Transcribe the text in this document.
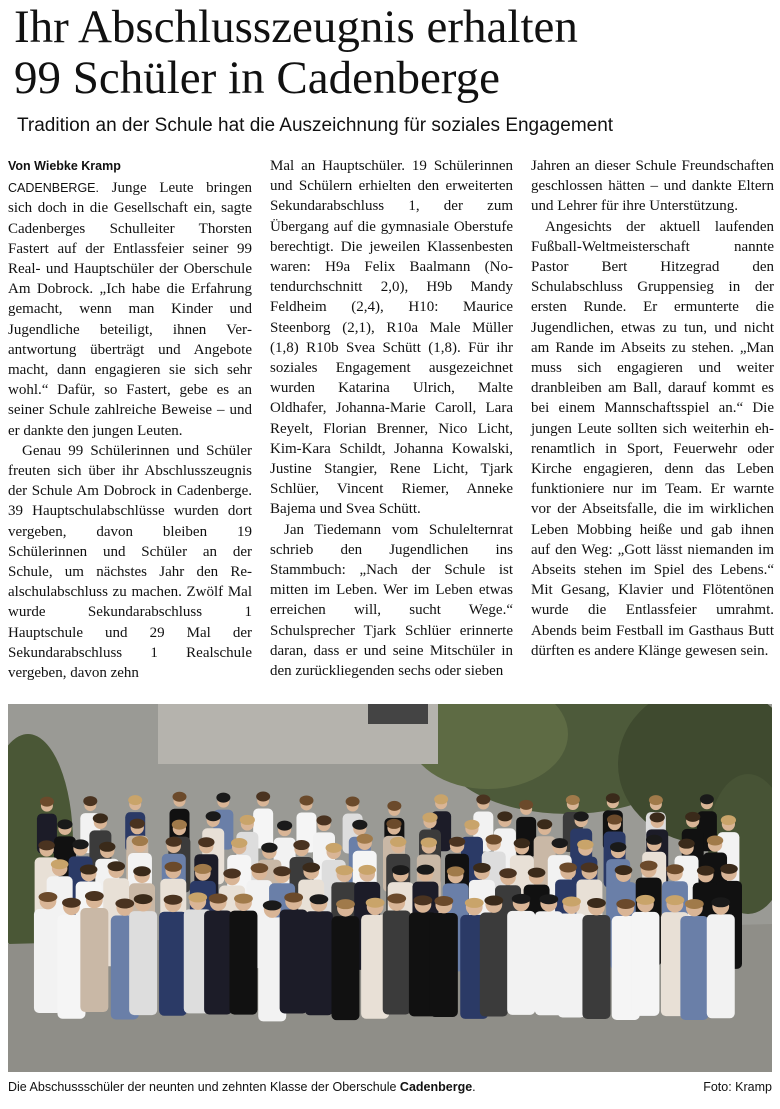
Ihr Abschlusszeugnis erhalten
99 Schüler in Cadenberge
Tradition an der Schule hat die Auszeichnung für soziales Engagement
Von Wiebke Kramp

CADENBERGE. Junge Leute bringen sich doch in die Gesellschaft ein, sagte Cadenberges Schulleiter Thorsten Fastert auf der Entlassfeier seiner 99 Real- und Hauptschüler der Oberschule Am Dobrock. „Ich habe die Erfahrung gemacht, wenn man Kinder und Jugendliche beteiligt, ihnen Verantwortung überträgt und Angebote macht, dann engagieren sie sich sehr wohl.“ Dafür, so Fastert, gebe es an seiner Schule zahlreiche Beweise – und er dankte den jungen Leuten.

Genau 99 Schülerinnen und Schüler freuten sich über ihr Abschlusszeugnis der Schule Am Dobrock in Cadenberge. 39 Hauptschulabschlüsse wurden dort vergeben, davon bleiben 19 Schülerinnen und Schüler an der Schule, um nächstes Jahr den Realschulabschluss zu machen. Zwölf Mal wurde Sekundarabschluss 1 Hauptschule und 29 Mal der Sekundarabschluss 1 Realschule vergeben, davon zehn

Mal an Hauptschüler. 19 Schülerinnen und Schülern erhielten den erweiterten Sekundarabschluss 1, der zum Übergang auf die gymnasiale Oberstufe berechtigt. Die jeweilen Klassenbesten waren: H9a Felix Baalmann (Notendurchschnitt 2,0), H9b Mandy Feldheim (2,4), H10: Maurice Steenborg (2,1), R10a Male Müller (1,8) R10b Svea Schütt (1,8). Für ihr soziales Engagement ausgezeichnet wurden Katarina Ulrich, Malte Oldhafer, Johanna-Marie Caroll, Lara Reyelt, Florian Brenner, Nico Licht, Kim-Kara Schildt, Johanna Kowalski, Justine Stangier, Rene Licht, Tjark Schlüer, Vincent Riemer, Anneke Bajema und Svea Schütt.

Jan Tiedemann vom Schulelternrat schrieb den Jugendlichen ins Stammbuch: „Nach der Schule ist mitten im Leben. Wer im Leben etwas erreichen will, sucht Wege.“ Schulsprecher Tjark Schlüer erinnerte daran, dass er und seine Mitschüler in den zurückliegenden sechs oder sieben

Jahren an dieser Schule Freundschaften geschlossen hätten – und dankte Eltern und Lehrer für ihre Unterstützung.

Angesichts der aktuell laufenden Fußball-Weltmeisterschaft nannte Pastor Bert Hitzegrad den Schulabschluss Gruppensieg in der ersten Runde. Er ermunterte die Jugendlichen, etwas zu tun, und nicht am Rande im Abseits zu stehen. „Man muss sich engagieren und weiter dranbleiben am Ball, darauf kommt es bei einem Mannschaftsspiel an.“ Die jungen Leute sollten sich weiterhin ehrenamtlich in Sport, Feuerwehr oder Kirche engagieren, denn das Leben funktioniere nur im Team. Er warnte vor der Abseitsfalle, die im wirklichen Leben Mobbing heiße und gab ihnen auf den Weg: „Gott lässt niemanden im Abseits stehen im Spiel des Lebens.“ Mit Gesang, Klavier und Flötentönen wurde die Entlassfeier umrahmt. Abends beim Festball im Gasthaus Butt dürften es andere Klänge gewesen sein.

Die Abschussschüler der neunten und zehnten Klasse der Oberschule Cadenberge.	Foto: Kramp
